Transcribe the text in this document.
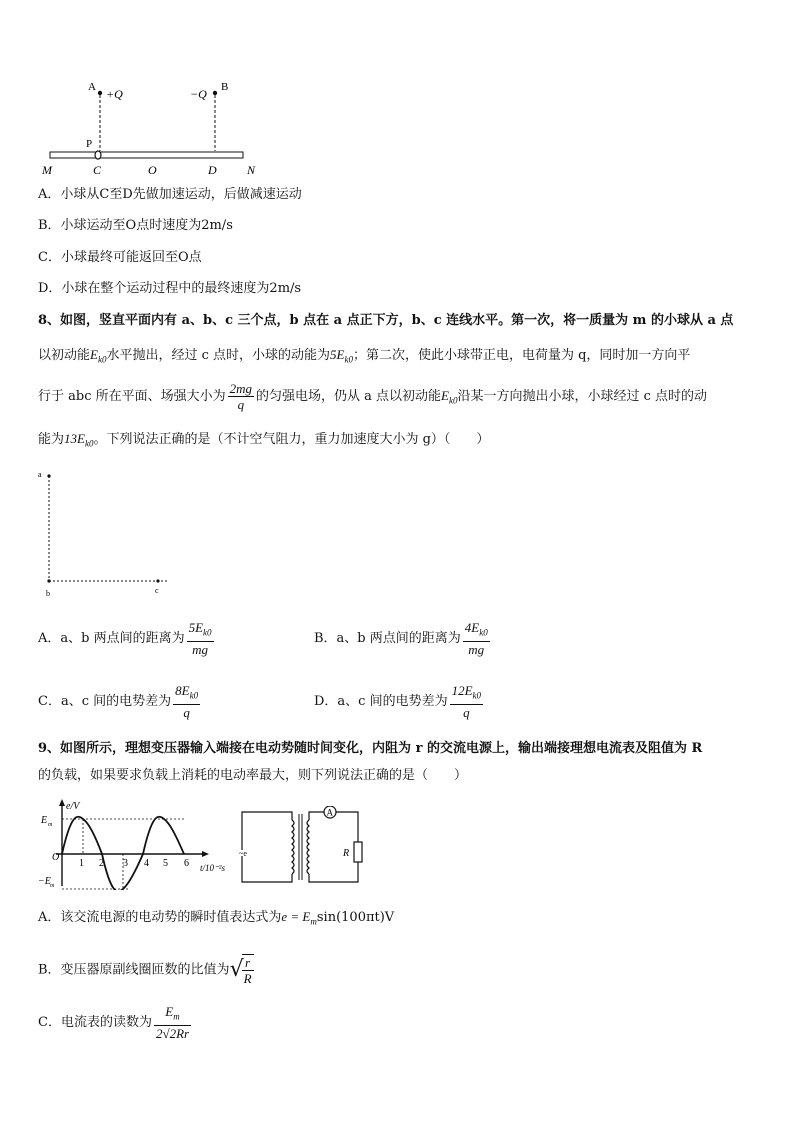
A +Q	−Q B
P
M	C	O	D	N
A．小球从C至D先做加速运动，后做减速运动
B．小球运动至O点时速度为2m/s
C．小球最终可能返回至O点
D．小球在整个运动过程中的最终速度为2m/s
8、如图，竖直平面内有 a、b、c 三个点，b 点在 a 点正下方，b、c 连线水平。第一次，将一质量为 m 的小球从 a 点
以初动能$E_{k0}$水平抛出，经过 c 点时，小球的动能为$5E_{k0}$；第二次，使此小球带正电，电荷量为 q，同时加一方向平
行于 abc 所在平面、场强大小为 $\frac{2mg}{q}$ 的匀强电场，仍从 a 点以初动能$E_{k0}$沿某一方向抛出小球，小球经过 c 点时的动
能为$13E_{k0}$。下列说法正确的是（不计空气阻力，重力加速度大小为 g）（　　）
a
b	c
A．a、b 两点间的距离为 $\frac{5E_{k0}}{mg}$	B．a、b 两点间的距离为 $\frac{4E_{k0}}{mg}$
C．a、c 间的电势差为 $\frac{8E_{k0}}{q}$	D．a、c 间的电势差为 $\frac{12E_{k0}}{q}$
9、如图所示，理想变压器输入端接在电动势随时间变化，内阻为 r 的交流电源上，输出端接理想电流表及阻值为 R
的负载，如果要求负载上消耗的电动率最大，则下列说法正确的是（　　）
e/V
E m
−E m
O
1 2 3 4 5 6 t/10⁻²s
A
R
~e
A．该交流电源的电动势的瞬时值表达式为$e = E_m\sin(100\pi t)V$
B．变压器原副线圈匝数的比值为√
$\frac{r}{R}$
C．电流表的读数为 $\frac{E_m}{2√2Rr}$
